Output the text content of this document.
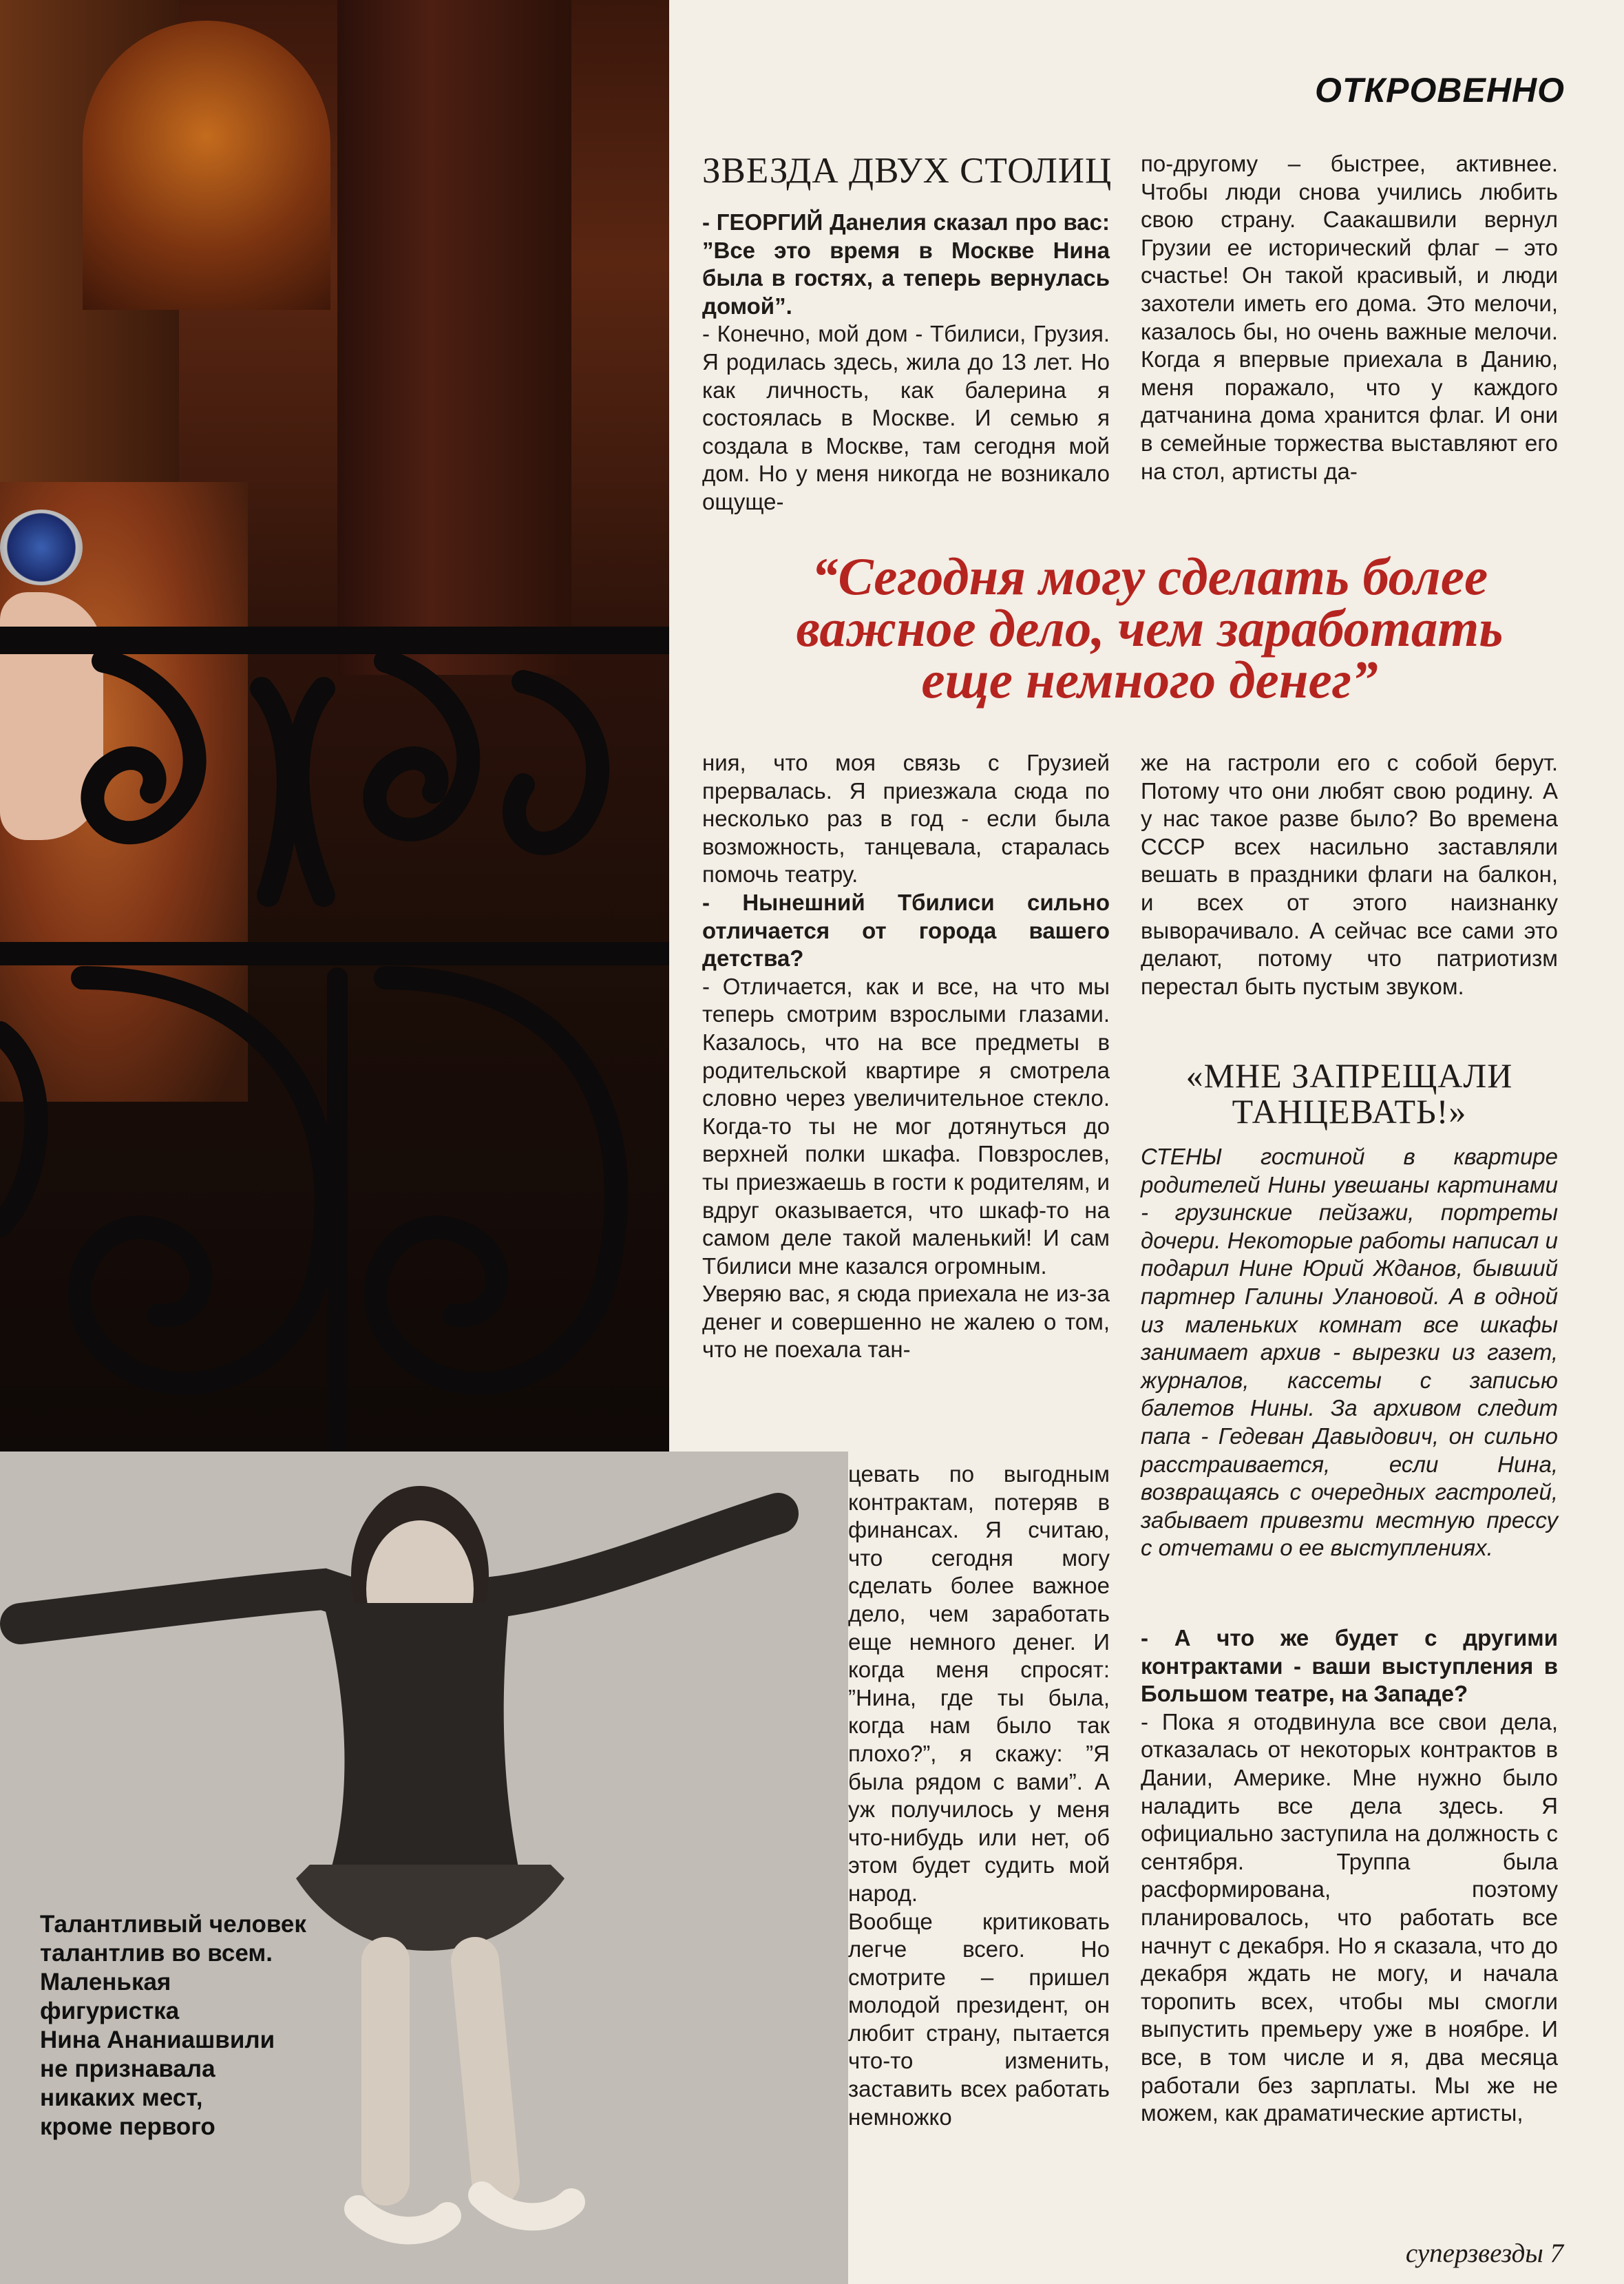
Талантливый человек
талантлив во всем.
Маленькая
фигуристка
Нина Ананиашвили
не признавала
никаких мест,
кроме первого
ОТКРОВЕННО
ЗВЕЗДА ДВУХ СТОЛИЦ

- ГЕОРГИЙ Данелия сказал про вас: ”Все это время в Москве Нина была в гостях, а теперь вернулась домой”.

- Конечно, мой дом - Тбилиси, Грузия. Я родилась здесь, жила до 13 лет. Но как личность, как балерина я состоялась в Москве. И семью я создала в Москве, там сегодня мой дом. Но у меня никогда не возникало ощуще-

по-другому – быстрее, активнее. Чтобы люди снова учились любить свою страну. Саакашвили вернул Грузии ее исторический флаг – это счастье! Он такой красивый, и люди захотели иметь его дома. Это мелочи, казалось бы, но очень важные мелочи. Когда я впервые приехала в Данию, меня поражало, что у каждого датчанина дома хранится флаг. И они в семейные торжества выставляют его на стол, артисты да-

“Сегодня могу сделать более
важное дело, чем заработать
еще немного денег”

ния, что моя связь с Грузией прервалась. Я приезжала сюда по несколько раз в год - если была возможность, танцевала, старалась помочь театру.

- Нынешний Тбилиси сильно отличается от города вашего детства?

- Отличается, как и все, на что мы теперь смотрим взрослыми глазами. Казалось, что на все предметы в родительской квартире я смотрела словно через увеличительное стекло. Когда-то ты не мог дотянуться до верхней полки шкафа. Повзрослев, ты приезжаешь в гости к родителям, и вдруг оказывается, что шкаф-то на самом деле такой маленький! И сам Тбилиси мне казался огромным.

Уверяю вас, я сюда приехала не из-за денег и совершенно не жалею о том, что не поехала тан-

цевать по выгодным контрактам, потеряв в финансах. Я считаю, что сегодня могу сделать более важное дело, чем заработать еще немного денег. И когда меня спросят: ”Нина, где ты была, когда нам было так плохо?”, я скажу: ”Я была рядом с вами”. А уж получилось у меня что-нибудь или нет, об этом будет судить мой народ.

Вообще критиковать легче всего. Но смотрите – пришел молодой президент, он любит страну, пытается что-то изменить, заставить всех работать немножко

же на гастроли его с собой берут. Потому что они любят свою родину. А у нас такое разве было? Во времена СССР всех насильно заставляли вешать в праздники флаги на балкон, и всех от этого наизнанку выворачивало. А сейчас все сами это делают, потому что патриотизм перестал быть пустым звуком.

«МНЕ ЗАПРЕЩАЛИ
ТАНЦЕВАТЬ!»

СТЕНЫ гостиной в квартире родителей Нины увешаны картинами - грузинские пейзажи, портреты дочери. Некоторые работы написал и подарил Нине Юрий Жданов, бывший партнер Галины Улановой. А в одной из маленьких комнат все шкафы занимает архив - вырезки из газет, журналов, кассеты с записью балетов Нины. За архивом следит папа - Гедеван Давыдович, он сильно расстраивается, если Нина, возвращаясь с очередных гастролей, забывает привезти местную прессу с отчетами о ее выступлениях.

- А что же будет с другими контрактами - ваши выступления в Большом театре, на Западе?

- Пока я отодвинула все свои дела, отказалась от некоторых контрактов в Дании, Америке. Мне нужно было наладить все дела здесь. Я официально заступила на должность с сентября. Труппа была расформирована, поэтому планировалось, что работать все начнут с декабря. Но я сказала, что до декабря ждать не могу, и начала торопить всех, чтобы мы смогли выпустить премьеру уже в ноябре. И все, в том числе и я, два месяца работали без зарплаты. Мы же не можем, как драматические артисты,

суперзвезды 7
